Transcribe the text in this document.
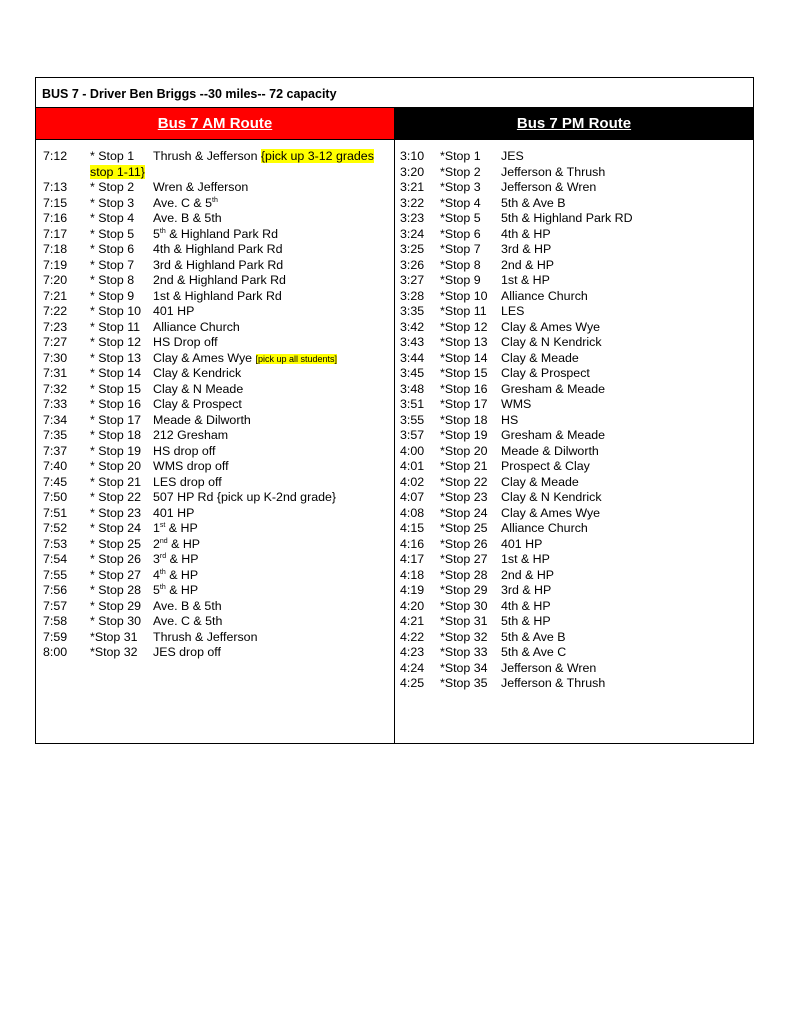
BUS 7 - Driver Ben Briggs --30 miles-- 72 capacity
Bus 7 AM Route	Bus 7 PM Route
7:12	* Stop 1	Thrush & Jefferson {pick up 3-12 grades
stop 1-11}
7:13	* Stop 2	Wren & Jefferson
7:15	* Stop 3	Ave. C & 5th
7:16	* Stop 4	Ave. B & 5th
7:17	* Stop 5	5th & Highland Park Rd
7:18	* Stop 6	4th & Highland Park Rd
7:19	* Stop 7	3rd & Highland Park Rd
7:20	* Stop 8	2nd & Highland Park Rd
7:21	* Stop 9	1st & Highland Park Rd
7:22	* Stop 10 401 HP
7:23	* Stop 11	Alliance Church
7:27	* Stop 12 HS Drop off
7:30	* Stop 13 Clay & Ames Wye [pick up all students]
7:31	* Stop 14 Clay & Kendrick
7:32	* Stop 15 Clay & N Meade
7:33	* Stop 16 Clay & Prospect
7:34	* Stop 17 Meade & Dilworth
7:35	* Stop 18 212 Gresham
7:37	* Stop 19 HS drop off
7:40	* Stop 20 WMS drop off
7:45	* Stop 21 LES drop off
7:50	* Stop 22 507 HP Rd {pick up K-2nd grade}
7:51	* Stop 23 401 HP
7:52	* Stop 24 1st & HP
7:53	* Stop 25 2nd & HP
7:54	* Stop 26 3rd & HP
7:55	* Stop 27 4th & HP
7:56	* Stop 28 5th & HP
7:57	* Stop 29 Ave. B & 5th
7:58	* Stop 30 Ave. C & 5th
7:59	*Stop 31	Thrush & Jefferson
8:00	*Stop 32	JES drop off
3:10	*Stop 1	JES
3:20	*Stop 2	Jefferson & Thrush
3:21	*Stop 3	Jefferson & Wren
3:22	*Stop 4	5th & Ave B
3:23	*Stop 5	5th & Highland Park RD
3:24	*Stop 6	4th & HP
3:25	*Stop 7	3rd & HP
3:26	*Stop 8	2nd & HP
3:27	*Stop 9	1st & HP
3:28	*Stop 10	Alliance Church
3:35	*Stop 11	LES
3:42	*Stop 12	Clay & Ames Wye
3:43	*Stop 13	Clay & N Kendrick
3:44	*Stop 14	Clay & Meade
3:45	*Stop 15	Clay & Prospect
3:48	*Stop 16	Gresham & Meade
3:51	*Stop 17	WMS
3:55	*Stop 18	HS
3:57	*Stop 19	Gresham & Meade
4:00	*Stop 20	Meade & Dilworth
4:01	*Stop 21	Prospect & Clay
4:02	*Stop 22	Clay & Meade
4:07	*Stop 23	Clay & N Kendrick
4:08	*Stop 24	Clay & Ames Wye
4:15	*Stop 25	Alliance Church
4:16	*Stop 26	401 HP
4:17	*Stop 27	1st & HP
4:18	*Stop 28	2nd & HP
4:19	*Stop 29	3rd & HP
4:20	*Stop 30	4th & HP
4:21	*Stop 31	5th & HP
4:22	*Stop 32	5th & Ave B
4:23	*Stop 33	5th & Ave C
4:24	*Stop 34	Jefferson & Wren
4:25	*Stop 35	Jefferson & Thrush
